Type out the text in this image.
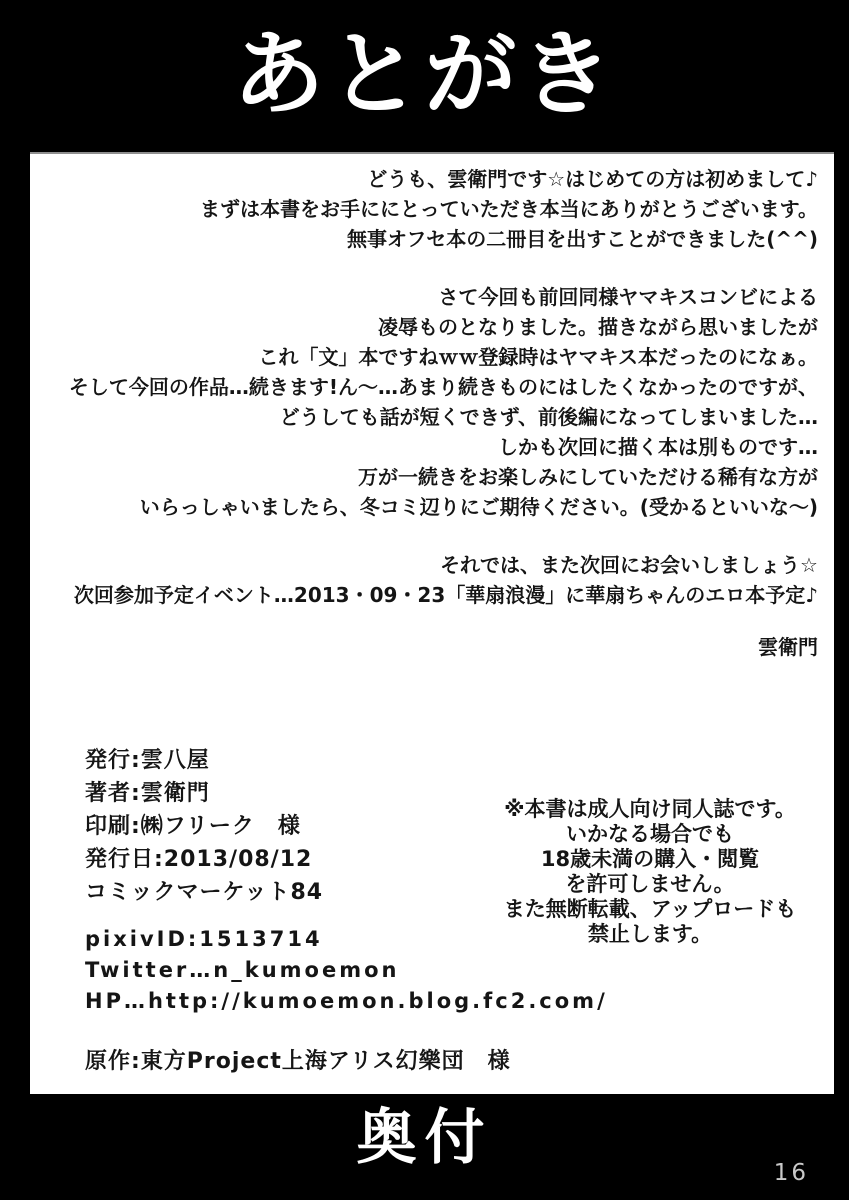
あとがき
どうも、雲衛門です☆はじめての方は初めまして♪
まずは本書をお手ににとっていただき本当にありがとうございます。
無事オフセ本の二冊目を出すことができました(^^)
さて今回も前回同様ヤマキスコンビによる
凌辱ものとなりました。描きながら思いましたが
これ「文」本ですねｗｗ登録時はヤマキス本だったのになぁ。
そして今回の作品…続きます!ん〜…あまり続きものにはしたくなかったのですが、
どうしても話が短くできず、前後編になってしまいました…
しかも次回に描く本は別ものです…
万が一続きをお楽しみにしていただける稀有な方が
いらっしゃいましたら、冬コミ辺りにご期待ください。(受かるといいな〜)
それでは、また次回にお会いしましょう☆
次回参加予定イベント…2013・09・23「華扇浪漫」に華扇ちゃんのエロ本予定♪
雲衛門
発行:雲八屋
著者:雲衛門
印刷:㈱フリーク　様
発行日:2013/08/12
コミックマーケット84
※本書は成人向け同人誌です。
いかなる場合でも
18歳未満の購入・閲覧
を許可しません。
また無断転載、アップロードも
禁止します。
pixivID:1513714
Twitter…n_kumoemon
HP…http://kumoemon.blog.fc2.com/
原作:東方Project上海アリス幻樂団　様
奥付	16
